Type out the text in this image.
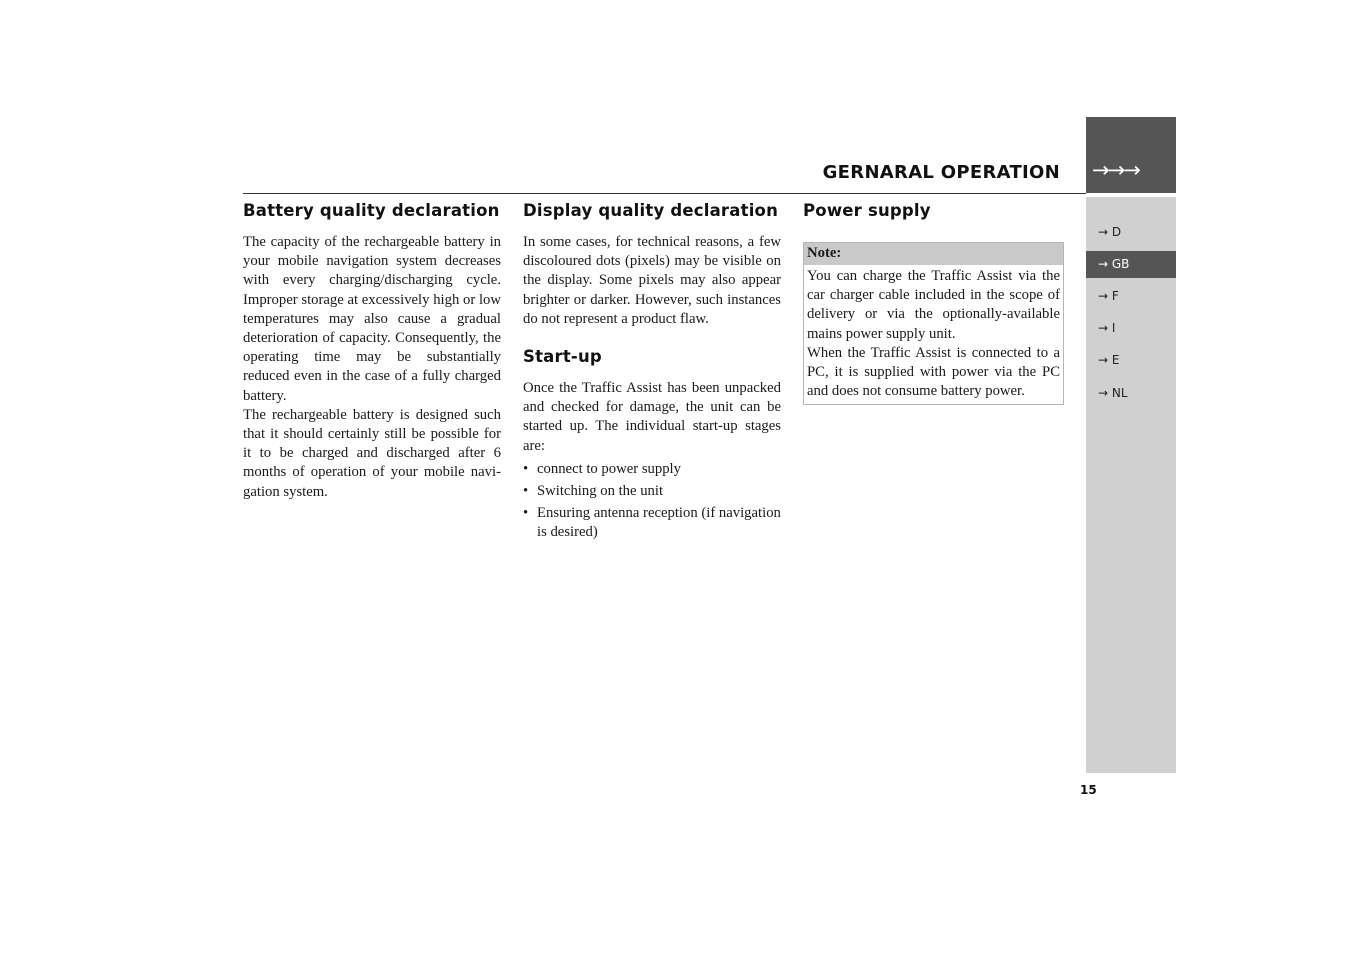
→→→
GERNARAL OPERATION
→ D
→ GB
→ F
→ I
→ E
→ NL
15
Battery quality declaration

The capacity of the rechargeable battery in your mobile navigation system decreases with every charging/discharging cycle. Improper storage at excessively high or low temperatures may also cause a gradual deterioration of capacity. Consequently, the operating time may be substantially reduced even in the case of a fully charged battery.

The rechargeable battery is designed such that it should certainly still be possible for it to be charged and discharged after 6 months of operation of your mobile navigation system.

Display quality declaration

In some cases, for technical reasons, a few discoloured dots (pixels) may be visible on the display. Some pixels may also appear brighter or darker. However, such instances do not represent a product flaw.

Start-up

Once the Traffic Assist has been unpacked and checked for damage, the unit can be started up. The individual start-up stages are:

• connect to power supply
• Switching on the unit
• Ensuring antenna reception (if navigation is desired)
Power supply
Note:

You can charge the Traffic Assist via the car charger cable included in the scope of delivery or via the optionally-available mains power supply unit.

When the Traffic Assist is connected to a PC, it is supplied with power via the PC and does not consume battery power.
